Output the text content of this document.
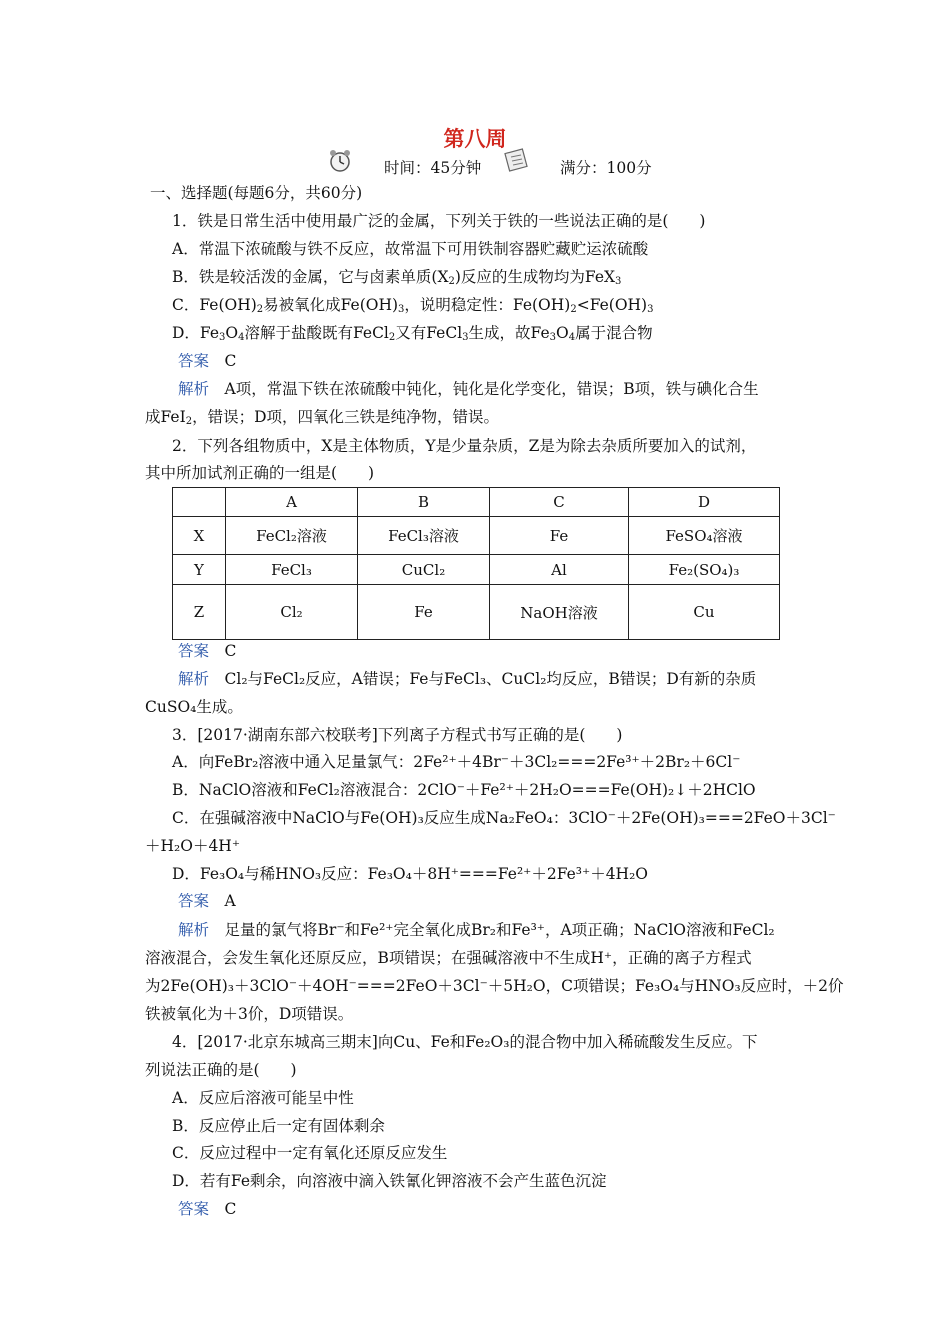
第八周
时间：45分钟	满分：100分
一、选择题(每题6分，共60分)
1．铁是日常生活中使用最广泛的金属，下列关于铁的一些说法正确的是(　　)
A．常温下浓硫酸与铁不反应，故常温下可用铁制容器贮藏贮运浓硫酸
B．铁是较活泼的金属，它与卤素单质$(X_2)$反应的生成物均为FeX$_3$
C．$Fe(OH)_2$易被氧化成$Fe(OH)_3$，说明稳定性：$Fe(OH)_2<Fe(OH)_3$
D．$Fe_3O_4$溶解于盐酸既有FeCl$_2$又有FeCl$_3$生成，故$Fe_3O_4$属于混合物
答案　 C
解析　 A项，常温下铁在浓硫酸中钝化，钝化是化学变化，错误；B项，铁与碘化合生
成FeI$_2$，错误；D项，四氧化三铁是纯净物，错误。
2．下列各组物质中，X是主体物质，Y是少量杂质，Z是为除去杂质所要加入的试剂，
其中所加试剂正确的一组是(　　)
	A	B	C	D
X	FeCl₂溶液	FeCl₃溶液	Fe	FeSO₄溶液
Y	FeCl₃	CuCl₂	Al	Fe₂(SO₄)₃
Z	Cl₂	Fe	NaOH溶液	Cu
答案　 C
解析　 Cl₂与FeCl₂反应，A错误；Fe与FeCl₃、CuCl₂均反应，B错误；D有新的杂质
CuSO₄生成。
3．[2017·湖南东部六校联考]下列离子方程式书写正确的是(　　)
A．向FeBr₂溶液中通入足量氯气：2Fe²⁺＋4Br⁻＋3Cl₂===2Fe³⁺＋2Br₂＋6Cl⁻
B．NaClO溶液和FeCl₂溶液混合：2ClO⁻＋Fe²⁺＋2H₂O===Fe(OH)₂↓＋2HClO
C．在强碱溶液中NaClO与Fe(OH)₃反应生成Na₂FeO₄：3ClO⁻＋2Fe(OH)₃===2FeO＋3Cl⁻
＋H₂O＋4H⁺
D．Fe₃O₄与稀HNO₃反应：Fe₃O₄＋8H⁺===Fe²⁺＋2Fe³⁺＋4H₂O
答案　 A
解析　 足量的氯气将Br⁻和Fe²⁺完全氧化成Br₂和Fe³⁺，A项正确；NaClO溶液和FeCl₂
溶液混合，会发生氧化还原反应，B项错误；在强碱溶液中不生成H⁺，正确的离子方程式
为2Fe(OH)₃＋3ClO⁻＋4OH⁻===2FeO＋3Cl⁻＋5H₂O，C项错误；Fe₃O₄与HNO₃反应时，＋2价
铁被氧化为＋3价，D项错误。
4．[2017·北京东城高三期末]向Cu、Fe和Fe₂O₃的混合物中加入稀硫酸发生反应。下
列说法正确的是(　　)
A．反应后溶液可能呈中性
B．反应停止后一定有固体剩余
C．反应过程中一定有氧化还原反应发生
D．若有Fe剩余，向溶液中滴入铁氰化钾溶液不会产生蓝色沉淀
答案　 C
